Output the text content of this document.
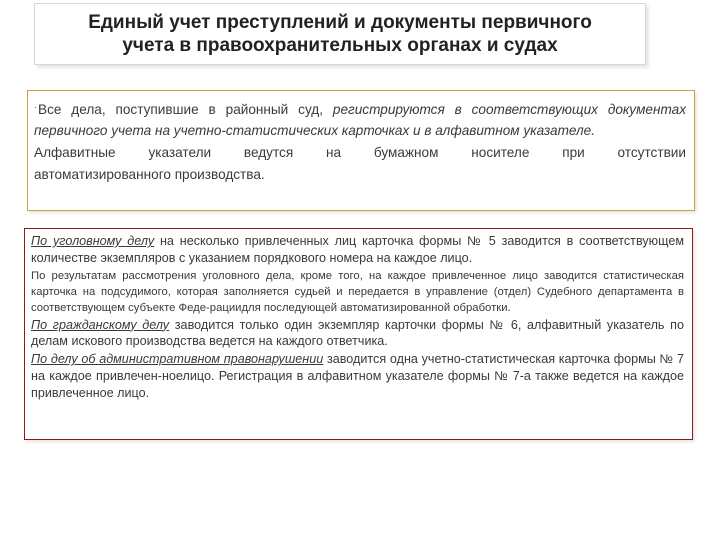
Единый учет преступлений и документы первичного
учета в правоохранительных органах и судах

·Все дела, поступившие в районный суд, регистрируются в соответствующих документах первичного учета на учетно-статистических карточках и в алфавитном указателе.

Алфавитные указатели ведутся на бумажном носителе при отсутствии

автоматизированного производства.

По уголовному делу на несколько привлеченных лиц карточка формы № 5 заводится в соответствующем количестве экземпляров с указанием порядкового номера на каждое лицо.

По результатам рассмотрения уголовного дела, кроме того, на каждое привлеченное лицо заводится статистическая карточка на подсудимого, которая заполняется судьей и передается в управление (отдел) Судебного департамента в соответствующем субъекте Феде-рациидля последующей автоматизированной обработки.

По гражданскому делу заводится только один экземпляр карточки формы № 6, алфавитный указатель по делам искового производства ведется на каждого ответчика.

По делу об административном правонарушении заводится одна учетно-статистическая карточка формы № 7 на каждое привлечен-ноелицо. Регистрация в алфавитном указателе формы № 7-а также ведется на каждое привлеченное лицо.
